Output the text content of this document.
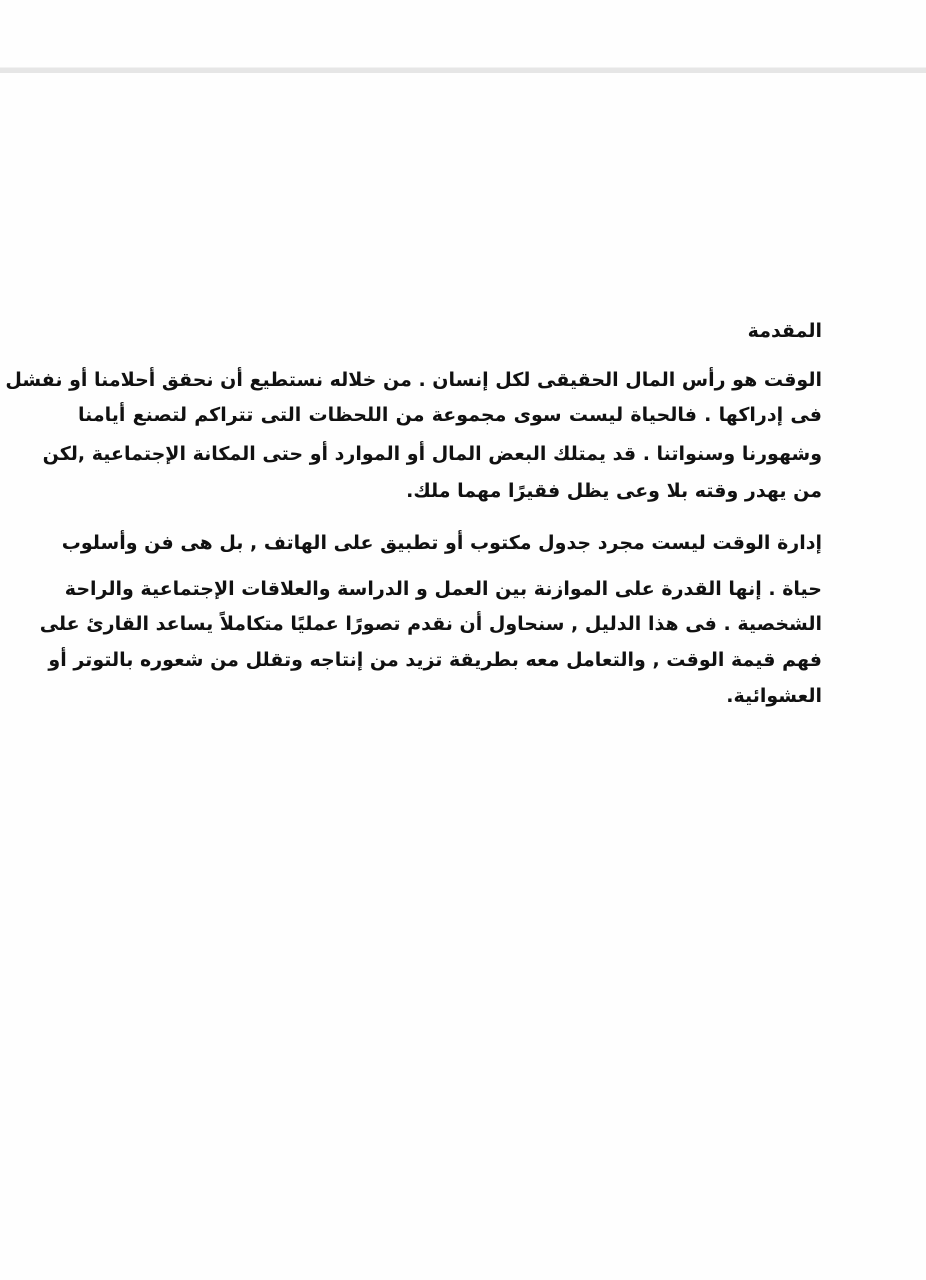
المقدمة
الوقت هو رأس المال الحقيقى لكل إنسان . من خلاله نستطيع أن نحقق أحلامنا أو نفشل
فى إدراكها . فالحياة ليست سوى مجموعة من اللحظات التى تتراكم لتصنع أيامنا
وشهورنا وسنواتنا . قد يمتلك البعض المال أو الموارد أو حتى المكانة الإجتماعية ,لكن
من يهدر وقته بلا وعى يظل فقيرًا مهما ملك.
إدارة الوقت ليست مجرد جدول مكتوب أو تطبيق على الهاتف , بل هى فن وأسلوب
حياة . إنها القدرة على الموازنة بين العمل و الدراسة والعلاقات الإجتماعية والراحة
الشخصية . فى هذا الدليل , سنحاول أن نقدم تصورًا عمليًا متكاملاً يساعد القارئ على
فهم قيمة الوقت , والتعامل معه بطريقة تزيد من إنتاجه وتقلل من شعوره بالتوتر أو
العشوائية.
